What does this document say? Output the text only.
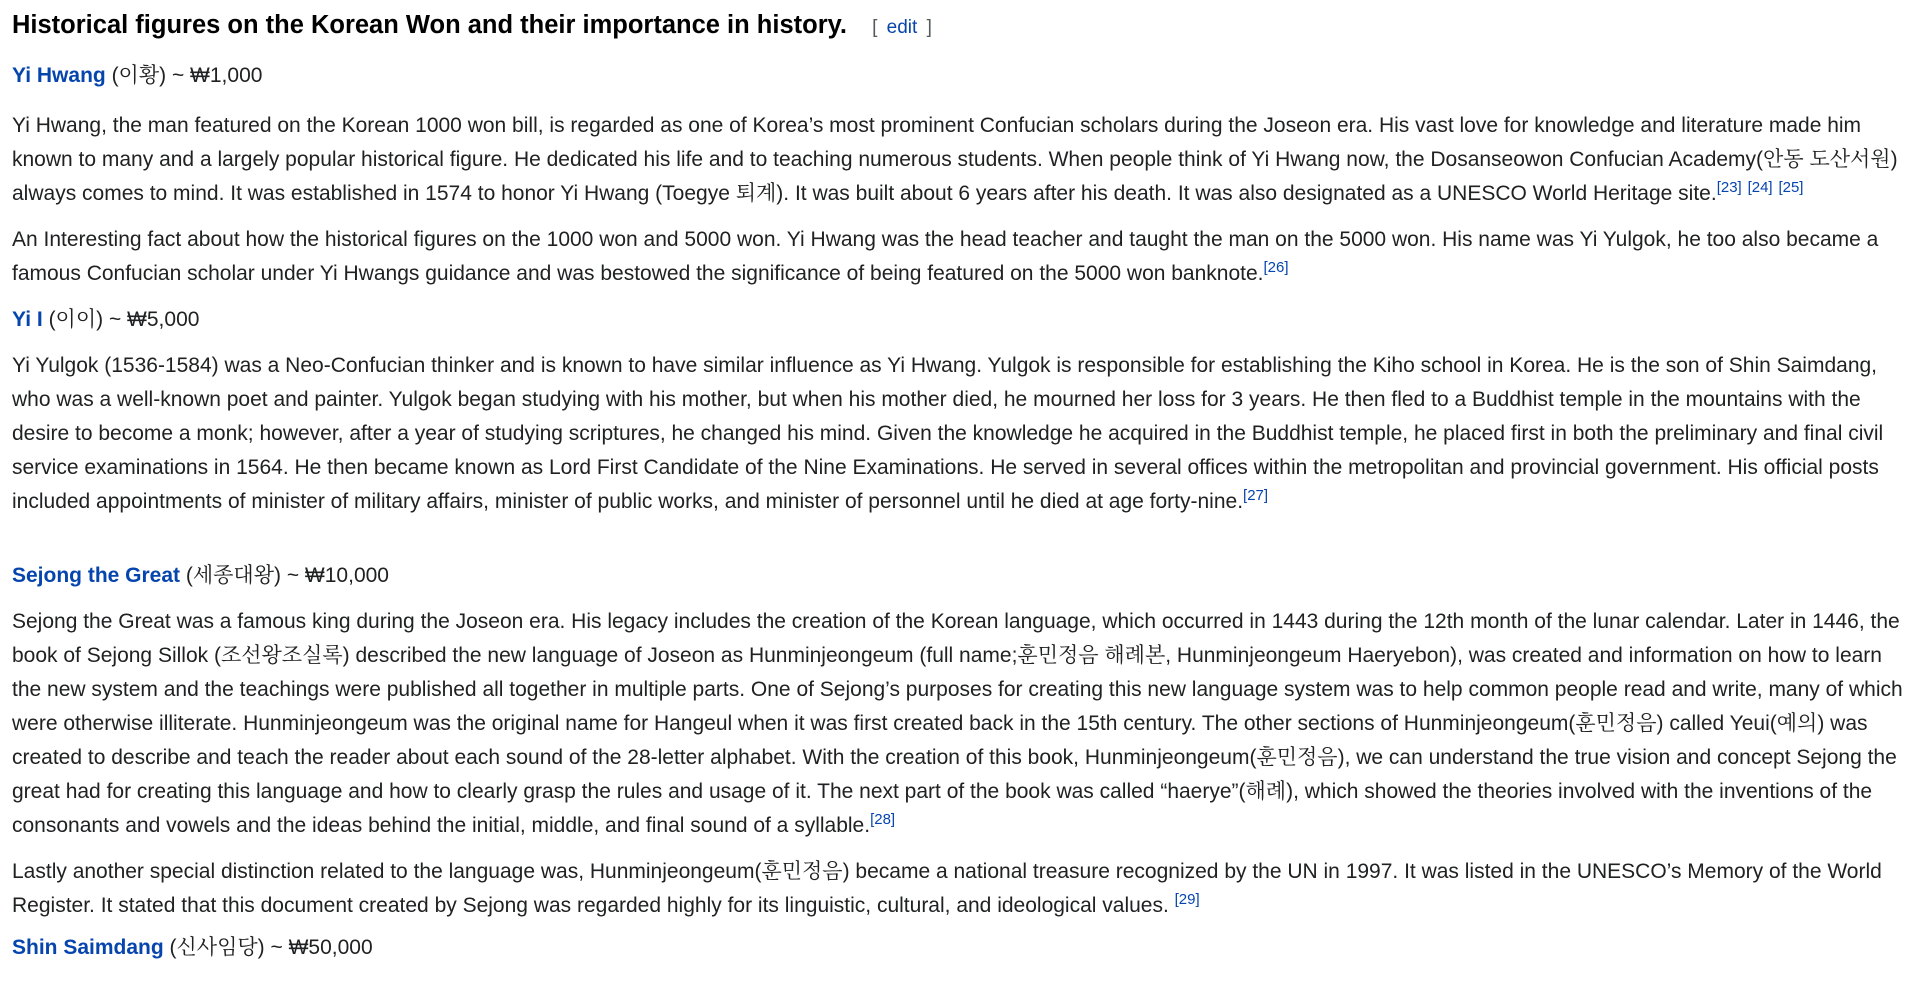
Historical figures on the Korean Won and their importance in history. [ edit ]

Yi Hwang (이황) ~ ₩1,000

Yi Hwang, the man featured on the Korean 1000 won bill, is regarded as one of Korea’s most prominent Confucian scholars during the Joseon era. His vast love for knowledge and literature made him known to many and a largely popular historical figure. He dedicated his life and to teaching numerous students. When people think of Yi Hwang now, the Dosanseowon Confucian Academy(안동 도산서원) always comes to mind. It was established in 1574 to honor Yi Hwang (Toegye 퇴계). It was built about 6 years after his death. It was also designated as a UNESCO World Heritage site.[23] [24] [25]

An Interesting fact about how the historical figures on the 1000 won and 5000 won. Yi Hwang was the head teacher and taught the man on the 5000 won. His name was Yi Yulgok, he too also became a famous Confucian scholar under Yi Hwangs guidance and was bestowed the significance of being featured on the 5000 won banknote.[26]

Yi I (이이) ~ ₩5,000

Yi Yulgok (1536-1584) was a Neo-Confucian thinker and is known to have similar influence as Yi Hwang. Yulgok is responsible for establishing the Kiho school in Korea. He is the son of Shin Saimdang, who was a well-known poet and painter. Yulgok began studying with his mother, but when his mother died, he mourned her loss for 3 years. He then fled to a Buddhist temple in the mountains with the desire to become a monk; however, after a year of studying scriptures, he changed his mind. Given the knowledge he acquired in the Buddhist temple, he placed first in both the preliminary and final civil service examinations in 1564. He then became known as Lord First Candidate of the Nine Examinations. He served in several offices within the metropolitan and provincial government. His official posts included appointments of minister of military affairs, minister of public works, and minister of personnel until he died at age forty-nine.[27]

Sejong the Great (세종대왕) ~ ₩10,000

Sejong the Great was a famous king during the Joseon era. His legacy includes the creation of the Korean language, which occurred in 1443 during the 12th month of the lunar calendar. Later in 1446, the book of Sejong Sillok (조선왕조실록) described the new language of Joseon as Hunminjeongeum (full name;훈민정음 해례본, Hunminjeongeum Haeryebon), was created and information on how to learn the new system and the teachings were published all together in multiple parts. One of Sejong’s purposes for creating this new language system was to help common people read and write, many of which were otherwise illiterate. Hunminjeongeum was the original name for Hangeul when it was first created back in the 15th century. The other sections of Hunminjeongeum(훈민정음) called Yeui(예의) was created to describe and teach the reader about each sound of the 28-letter alphabet. With the creation of this book, Hunminjeongeum(훈민정음), we can understand the true vision and concept Sejong the great had for creating this language and how to clearly grasp the rules and usage of it. The next part of the book was called “haerye”(해례), which showed the theories involved with the inventions of the consonants and vowels and the ideas behind the initial, middle, and final sound of a syllable.[28]

Lastly another special distinction related to the language was, Hunminjeongeum(훈민정음) became a national treasure recognized by the UN in 1997. It was listed in the UNESCO’s Memory of the World Register. It stated that this document created by Sejong was regarded highly for its linguistic, cultural, and ideological values. [29]

Shin Saimdang (신사임당) ~ ₩50,000
